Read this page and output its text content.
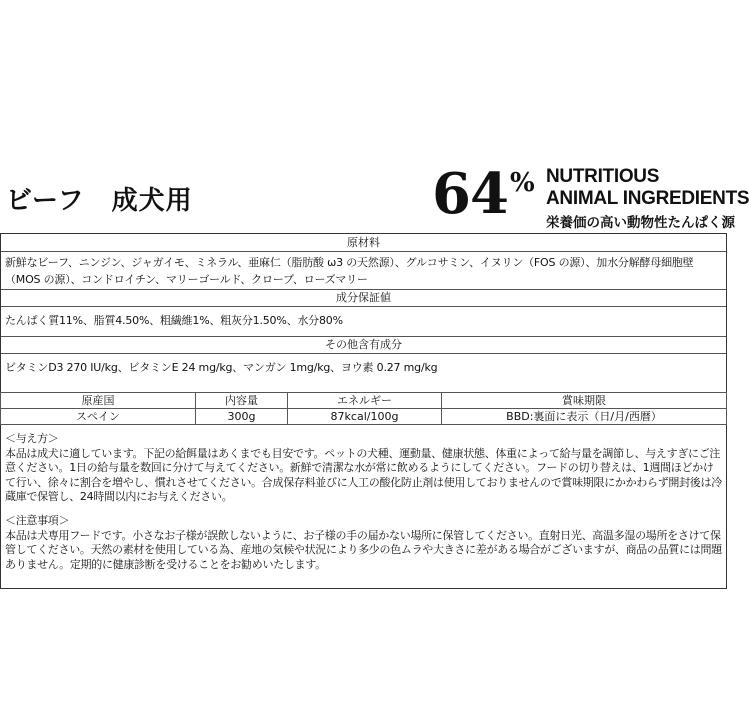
ビーフ　成犬用	64 % NUTRITIOUS
ANIMAL INGREDIENTS
栄養価の高い動物性たんぱく源
原材料
新鮮なビーフ、ニンジン、ジャガイモ、ミネラル、亜麻仁（脂肪酸 ω3 の天然源）、グルコサミン、イヌリン（FOS の源）、加水分解酵母細胞壁（MOS の源）、コンドロイチン、マリーゴールド、クローブ、ローズマリー
成分保証値
たんぱく質11%、脂質4.50%、粗繊維1%、粗灰分1.50%、水分80%
その他含有成分
ビタミンD3 270 IU/kg、ビタミンE 24 mg/kg、マンガン 1mg/kg、ヨウ素 0.27 mg/kg
原産国	内容量	エネルギー	賞味期限
スペイン	300g	87kcal/100g	BBD:裏面に表示（日/月/西暦）
＜与え方＞
本品は成犬に適しています。下記の給餌量はあくまでも目安です。ペットの犬種、運動量、健康状態、体重によって給与量を調節し、与えすぎにご注意ください。1日の給与量を数回に分けて与えてください。新鮮で清潔な水が常に飲めるようにしてください。フードの切り替えは、1週間ほどかけて行い、徐々に割合を増やし、慣れさせてください。合成保存料並びに人工の酸化防止剤は使用しておりませんので賞味期限にかかわらず開封後は冷蔵庫で保管し、24時間以内にお与えください。
＜注意事項＞
本品は犬専用フードです。小さなお子様が誤飲しないように、お子様の手の届かない場所に保管してください。直射日光、高温多湿の場所をさけて保管してください。天然の素材を使用している為、産地の気候や状況により多少の色ムラや大きさに差がある場合がございますが、商品の品質には問題ありません。定期的に健康診断を受けることをお勧めいたします。
